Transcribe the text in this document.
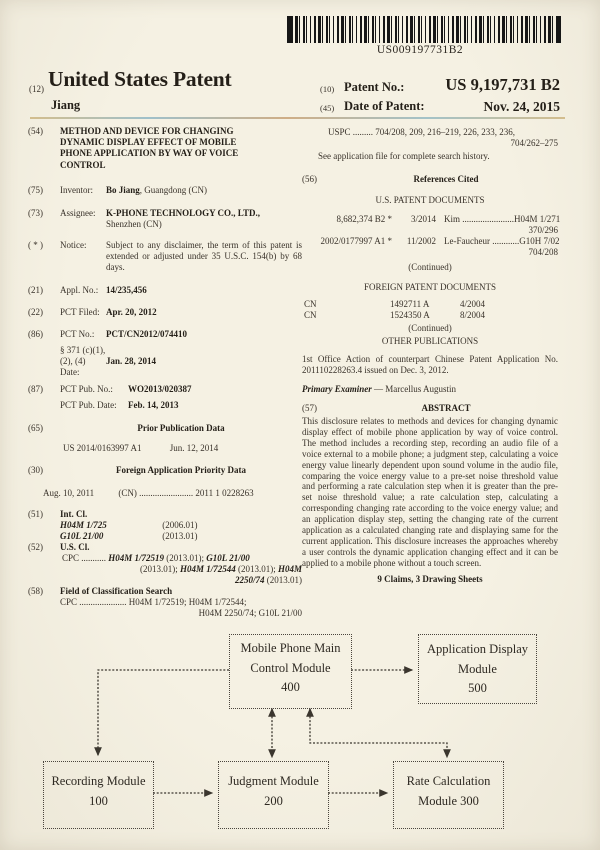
US009197731B2
(12) United States Patent
Jiang
(10) Patent No.: US 9,197,731 B2
(45) Date of Patent:	Nov. 24, 2015
(54)	METHOD AND DEVICE FOR CHANGING DYNAMIC DISPLAY EFFECT OF MOBILE PHONE APPLICATION BY WAY OF VOICE CONTROL
(75)	Inventor:	Bo Jiang, Guangdong (CN)
(73)	Assignee:	K-PHONE TECHNOLOGY CO., LTD., Shenzhen (CN)
( * )	Notice:	Subject to any disclaimer, the term of this patent is extended or adjusted under 35 U.S.C. 154(b) by 68 days.
(21)	Appl. No.: 14/235,456
(22)	PCT Filed: Apr. 20, 2012
(86)	PCT No.:	PCT/CN2012/074410
§ 371 (c)(1),
(2), (4) Date:
Jan. 28, 2014
(87)	PCT Pub. No.:	WO2013/020387
PCT Pub. Date:	Feb. 14, 2013
(65)	Prior Publication Data
US 2014/0163997 A1	Jun. 12, 2014
(30)	Foreign Application Priority Data
Aug. 10, 2011	(CN) ........................ 2011 1 0228263
(51)	Int. Cl.
H04M 1/725	(2006.01)
G10L 21/00	(2013.01)
(52)	U.S. Cl.
CPC ........... H04M 1/72519 (2013.01); G10L 21/00
(2013.01); H04M 1/72544 (2013.01); H04M
2250/74 (2013.01)
(58)	Field of Classification Search
CPC ..................... H04M 1/72519; H04M 1/72544;
H04M 2250/74; G10L 21/00
USPC ......... 704/208, 209, 216–219, 226, 233, 236,
704/262–275
See application file for complete search history.
(56)	References Cited
U.S. PATENT DOCUMENTS
8,682,374 B2 *	3/2014 Kim ....................... H04M 1/271
370/296
2002/0177997 A1 *	11/2002 Le-Faucheur ............ G10H 7/02
704/208
(Continued)
FOREIGN PATENT DOCUMENTS
CN	1492711 A	4/2004
CN	1524350 A	8/2004
(Continued)
OTHER PUBLICATIONS
1st Office Action of counterpart Chinese Patent Application No. 201110228263.4 issued on Dec. 3, 2012.
Primary Examiner — Marcellus Augustin
(57)	ABSTRACT
This disclosure relates to methods and devices for changing dynamic display effect of mobile phone application by way of voice control. The method includes a recording step, recording an audio file of a voice external to a mobile phone; a judgment step, calculating a voice energy value linearly dependent upon sound volume in the audio file, comparing the voice energy value to a pre-set noise threshold value and performing a rate calculation step when it is greater than the pre-set noise threshold value; a rate calculation step, calculating a corresponding changing rate according to the voice energy value; and an application display step, setting the changing rate of the current application as a calculated changing rate and displaying same for the current application. This disclosure increases the approaches whereby a user controls the dynamic application changing effect and it can be applied to a mobile phone without a touch screen.
9 Claims, 3 Drawing Sheets
Mobile Phone Main
Control Module
400
Application Display
Module
500
Recording Module
100
Judgment Module
200
Rate Calculation
Module 300
